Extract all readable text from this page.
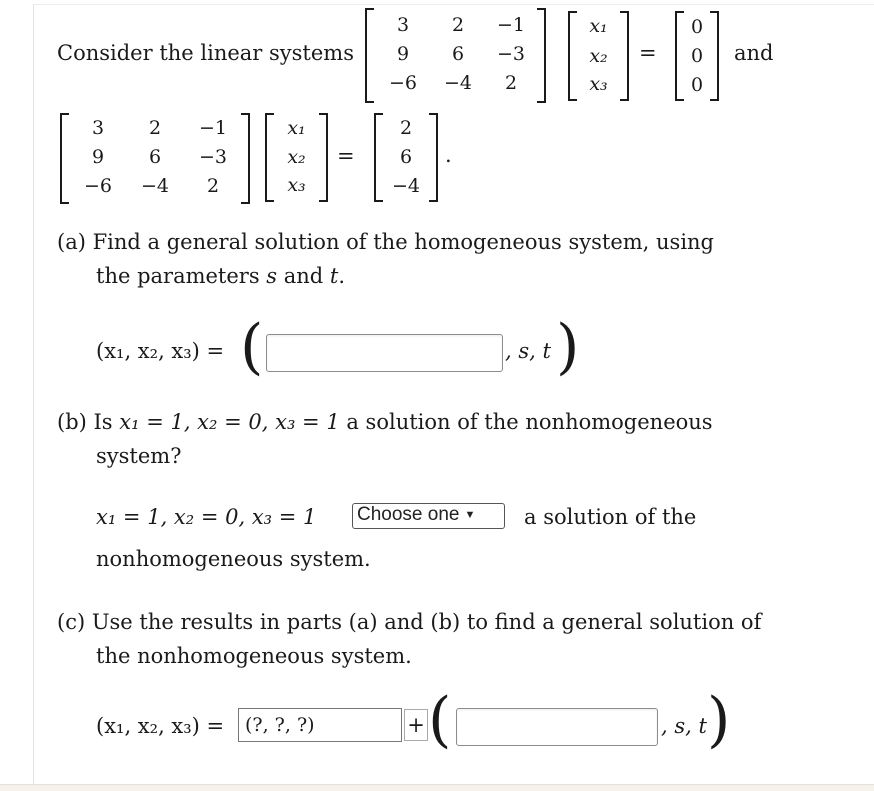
Consider the linear systems
3	2	−1
9	6	−3
−6 −4	2
x₁
x₂
x₃
=
0
0
0
and
3	2	−1
9	6	−3
−6 −4	2
x₁
x₂
x₃
=
2
6
−4
.
(a) Find a general solution of the homogeneous system, using
the parameters s and t.
(x₁, x₂, x₃) = (	, s, t )
(b) Is x₁ = 1, x₂ = 0, x₃ = 1 a solution of the nonhomogeneous
system?
x₁ = 1, x₂ = 0, x₃ = 1 Choose one ▼	a solution of the
nonhomogeneous system.
(c) Use the results in parts (a) and (b) to find a general solution of
the nonhomogeneous system.
(x₁, x₂, x₃) =	(?, ?, ?)	+ (	, s, t )
